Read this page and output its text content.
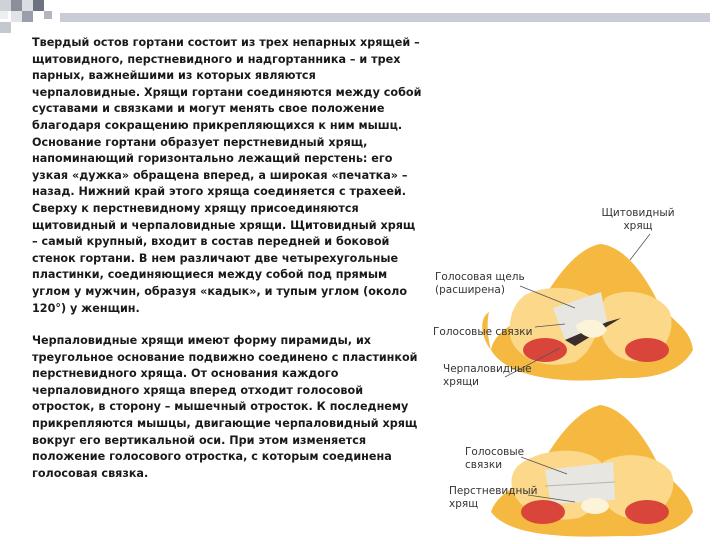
Твердый остов гортани состоит из трех непарных хрящей – щитовидного, перстневидного и надгортанника – и трех парных, важнейшими из которых являются черпаловидные. Хрящи гортани соединяются между собой суставами и связками и могут менять свое положение благодаря сокращению прикрепляющихся к ним мышц.

Основание гортани образует перстневидный хрящ, напоминающий горизонтально лежащий перстень: его узкая «дужка» обращена вперед, а широкая «печатка» – назад. Нижний край этого хряща соединяется с трахеей. Сверху к перстневидному хрящу присоединяются щитовидный и черпаловидные хрящи. Щитовидный хрящ – самый крупный, входит в состав передней и боковой стенок гортани. В нем различают две четырехугольные пластинки, соединяющиеся между собой под прямым углом у мужчин, образуя «кадык», и тупым углом (около 120°) у женщин.

Черпаловидные хрящи имеют форму пирамиды, их треугольное основание подвижно соединено с пластинкой перстневидного хряща. От основания каждого черпаловидного хряща вперед отходит голосовой отросток, в сторону – мышечный отросток. К последнему прикрепляются мышцы, двигающие черпаловидный хрящ вокруг его вертикальной оси. При этом изменяется положение голосового отростка, с которым соединена голосовая связка.

Щитовидный
хрящ
Голосовая щель
(расширена)
Голосовые связки
Черпаловидные
хрящи
Голосовые
связки
Перстневидный
хрящ
